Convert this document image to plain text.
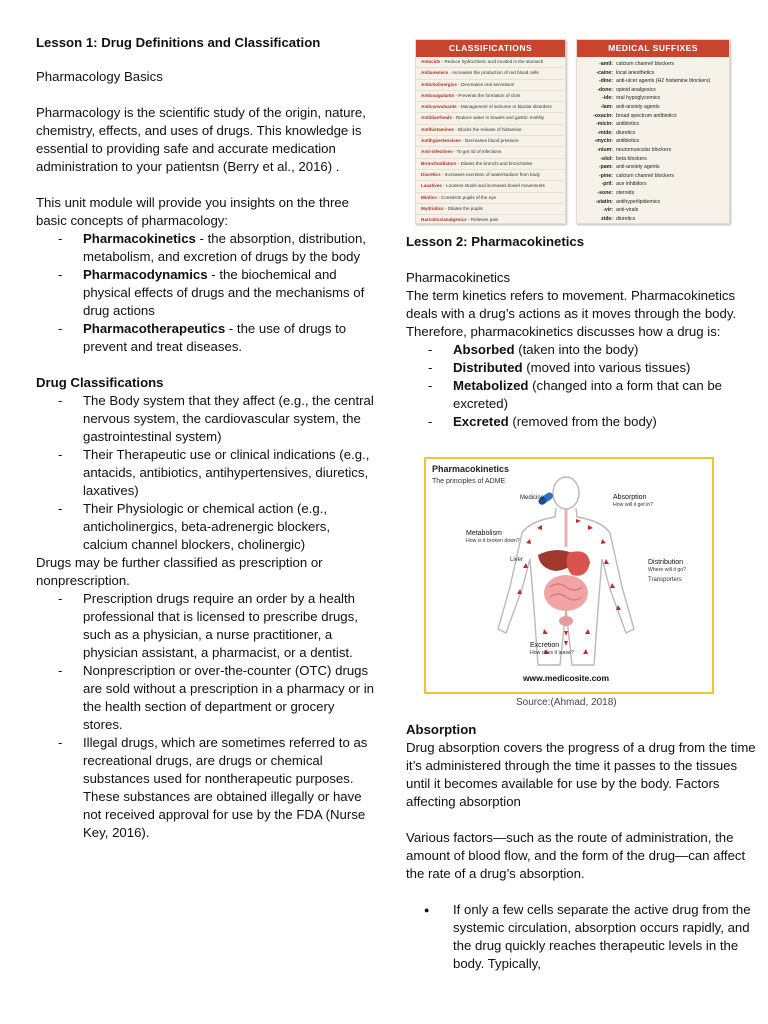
Lesson 1: Drug Definitions and Classification

Pharmacology Basics

Pharmacology is the scientific study of the origin, nature, chemistry, effects, and uses of drugs. This knowledge is essential to providing safe and accurate medication administration to your patientsn (Berry et al., 2016) .

This unit module will provide you insights on the three basic concepts of pharmacology:

- Pharmacokinetics - the absorption, distribution, metabolism, and excretion of drugs by the body

- Pharmacodynamics - the biochemical and physical effects of drugs and the mechanisms of drug actions

- Pharmacotherapeutics - the use of drugs to prevent and treat diseases.

Drug Classifications

- The Body system that they affect (e.g., the central nervous system, the cardiovascular system, the gastrointestinal system)

- Their Therapeutic use or clinical indications (e.g., antacids, antibiotics, antihypertensives, diuretics, laxatives)

- Their Physiologic or chemical action (e.g., anticholinergics, beta-adrenergic blockers, calcium channel blockers, cholinergic)

Drugs may be further classified as prescription or nonprescription.

- Prescription drugs require an order by a health professional that is licensed to prescribe drugs, such as a physician, a nurse practitioner, a physician assistant, a pharmacist, or a dentist.

- Nonprescription or over-the-counter (OTC) drugs are sold without a prescription in a pharmacy or in the health section of department or grocery stores.

- Illegal drugs, which are sometimes referred to as recreational drugs, are drugs or chemical substances used for nontherapeutic purposes. These substances are obtained illegally or have not received approval for use by the FDA (Nurse Key, 2016).

CLASSIFICATIONS
Antacids - Reduce hydrochloric acid located in the stomach
Antianemics - Increases the production of red blood cells
Anticholinergics - Decreases oral secretions
Anticoagulants - Prevents the formation of clots
Anticonvulsants - Management of seizures or bipolar disorders
Antidiarrheals - Reduce water in bowels and gastric motility
Antihistamines - Blocks the release of histamine
Antihypertensives - Decreases blood pressure
Anti-infectives - To get rid of infections
Bronchodilators - Dilates the bronchi and bronchioles
Diuretics - Increases excretion of water/sodium from body
Laxatives - Loosens stools and increases bowel movements
Miotics - Constricts pupils of the eye
Mydriatics - Dilates the pupils
Narcotics/analgesics - Relieves pain
MEDICAL SUFFIXES
-amil: calcium channel blockers
-caine: local anesthetics
-dine: anti-ulcer agents (H2 histamine blockers)
-done: opioid analgesics
-ide: oral hypoglycemics
-lam: anti-anxiety agents
-oxacin: broad spectrum antibiotics
-micin: antibiotics
-mide: diuretics
-mycin: antibiotics
-nium: neuromuscular blockers
-olol: beta blockers
-pam: anti-anxiety agents
-pine: calcium channel blockers
-pril: ace inhibitors
-sone: steroids
-statin: antihyperlipidemics
-vir: anti-virals
zide: diuretics

Lesson 2: Pharmacokinetics

Pharmacokinetics

The term kinetics refers to movement. Pharmacokinetics deals with a drug’s actions as it moves through the body. Therefore, pharmacokinetics discusses how a drug is:

- Absorbed (taken into the body)

- Distributed (moved into various tissues)

- Metabolized (changed into a form that can be excreted)

- Excreted (removed from the body)

Pharmacokinetics
The principles of ADME
Medicine	Absorption
How will it get in?
Metabolism
How is it broken down?
Liver	Distribution
Where will it go?
Transporters
Excretion
How does it leave?
www.medicosite.com
Source:(Ahmad, 2018)

Absorption

Drug absorption covers the progress of a drug from the time it’s administered through the time it passes to the tissues until it becomes available for use by the body. Factors affecting absorption

Various factors—such as the route of administration, the amount of blood flow, and the form of the drug—can affect the rate of a drug’s absorption.

● If only a few cells separate the active drug from the systemic circulation, absorption occurs rapidly, and the drug quickly reaches therapeutic levels in the body. Typically,
